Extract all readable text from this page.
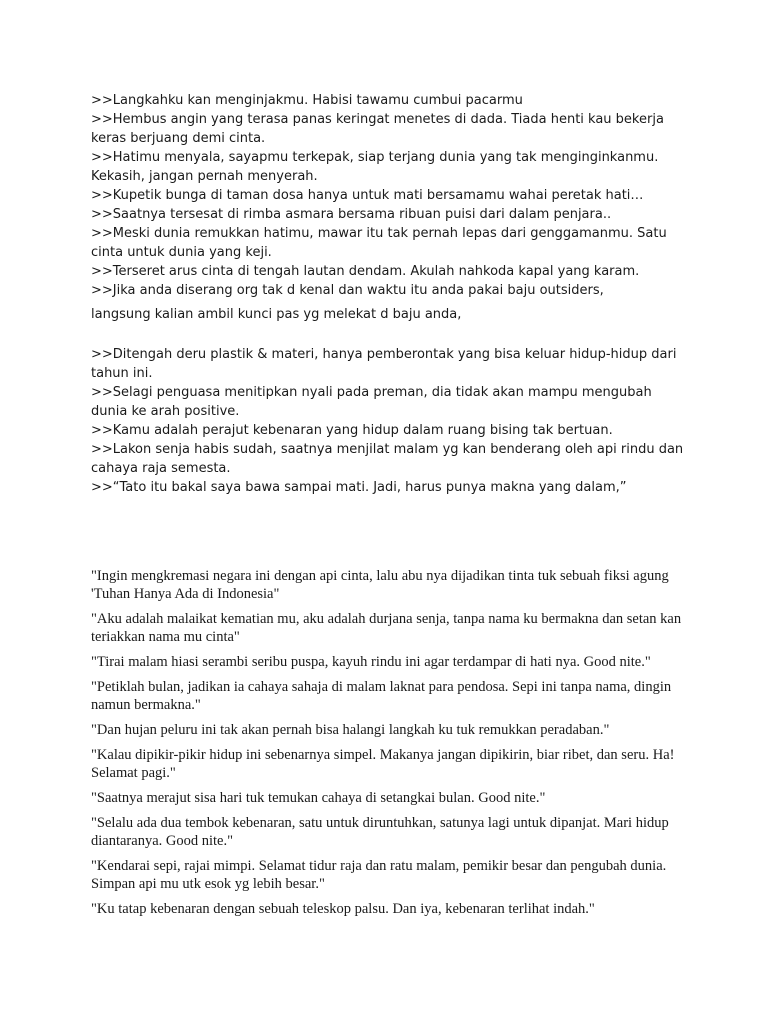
>>Langkahku kan menginjakmu. Habisi tawamu cumbui pacarmu

>>Hembus angin yang terasa panas keringat menetes di dada. Tiada henti kau bekerja keras berjuang demi cinta.

>>Hatimu menyala, sayapmu terkepak, siap terjang dunia yang tak menginginkanmu. Kekasih, jangan pernah menyerah.

>>Kupetik bunga di taman dosa hanya untuk mati bersamamu wahai peretak hati…

>>Saatnya tersesat di rimba asmara bersama ribuan puisi dari dalam penjara..

>>Meski dunia remukkan hatimu, mawar itu tak pernah lepas dari genggamanmu. Satu cinta untuk dunia yang keji.

>>Terseret arus cinta di tengah lautan dendam. Akulah nahkoda kapal yang karam.

>>Jika anda diserang org tak d kenal dan waktu itu anda pakai baju outsiders,

langsung kalian ambil kunci pas yg melekat d baju anda,

>>Ditengah deru plastik & materi, hanya pemberontak yang bisa keluar hidup-hidup dari tahun ini.

>>Selagi penguasa menitipkan nyali pada preman, dia tidak akan mampu mengubah dunia ke arah positive.

>>Kamu adalah perajut kebenaran yang hidup dalam ruang bising tak bertuan.

>>Lakon senja habis sudah, saatnya menjilat malam yg kan benderang oleh api rindu dan cahaya raja semesta.

>>“Tato itu bakal saya bawa sampai mati. Jadi, harus punya makna yang dalam,”

"Ingin mengkremasi negara ini dengan api cinta, lalu abu nya dijadikan tinta tuk sebuah fiksi agung 'Tuhan Hanya Ada di Indonesia"

"Aku adalah malaikat kematian mu, aku adalah durjana senja, tanpa nama ku bermakna dan setan kan teriakkan nama mu cinta"

"Tirai malam hiasi serambi seribu puspa, kayuh rindu ini agar terdampar di hati nya. Good nite."

"Petiklah bulan, jadikan ia cahaya sahaja di malam laknat para pendosa. Sepi ini tanpa nama, dingin namun bermakna."

"Dan hujan peluru ini tak akan pernah bisa halangi langkah ku tuk remukkan peradaban."

"Kalau dipikir-pikir hidup ini sebenarnya simpel. Makanya jangan dipikirin, biar ribet, dan seru. Ha! Selamat pagi."

"Saatnya merajut sisa hari tuk temukan cahaya di setangkai bulan. Good nite."

"Selalu ada dua tembok kebenaran, satu untuk diruntuhkan, satunya lagi untuk dipanjat. Mari hidup diantaranya. Good nite."

"Kendarai sepi, rajai mimpi. Selamat tidur raja dan ratu malam, pemikir besar dan pengubah dunia. Simpan api mu utk esok yg lebih besar."

"Ku tatap kebenaran dengan sebuah teleskop palsu. Dan iya, kebenaran terlihat indah."
